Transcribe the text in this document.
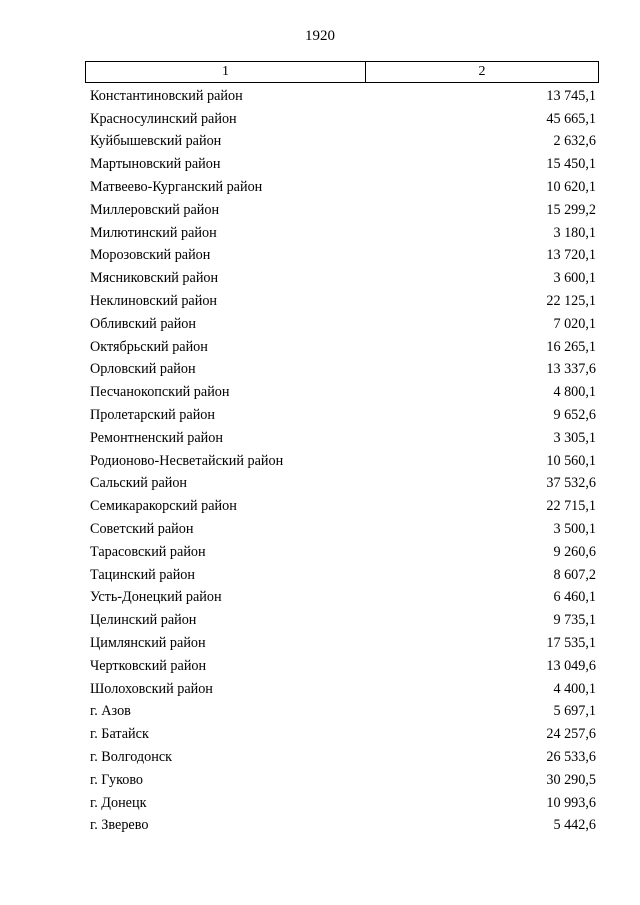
1920
1	2
Константиновский район	13 745,1
Красносулинский район	45 665,1
Куйбышевский район	2 632,6
Мартыновский район	15 450,1
Матвеево-Курганский район	10 620,1
Миллеровский район	15 299,2
Милютинский район	3 180,1
Морозовский район	13 720,1
Мясниковский район	3 600,1
Неклиновский район	22 125,1
Обливский район	7 020,1
Октябрьский район	16 265,1
Орловский район	13 337,6
Песчанокопский район	4 800,1
Пролетарский район	9 652,6
Ремонтненский район	3 305,1
Родионово-Несветайский район	10 560,1
Сальский район	37 532,6
Семикаракорский район	22 715,1
Советский район	3 500,1
Тарасовский район	9 260,6
Тацинский район	8 607,2
Усть-Донецкий район	6 460,1
Целинский район	9 735,1
Цимлянский район	17 535,1
Чертковский район	13 049,6
Шолоховский район	4 400,1
г. Азов	5 697,1
г. Батайск	24 257,6
г. Волгодонск	26 533,6
г. Гуково	30 290,5
г. Донецк	10 993,6
г. Зверево	5 442,6
